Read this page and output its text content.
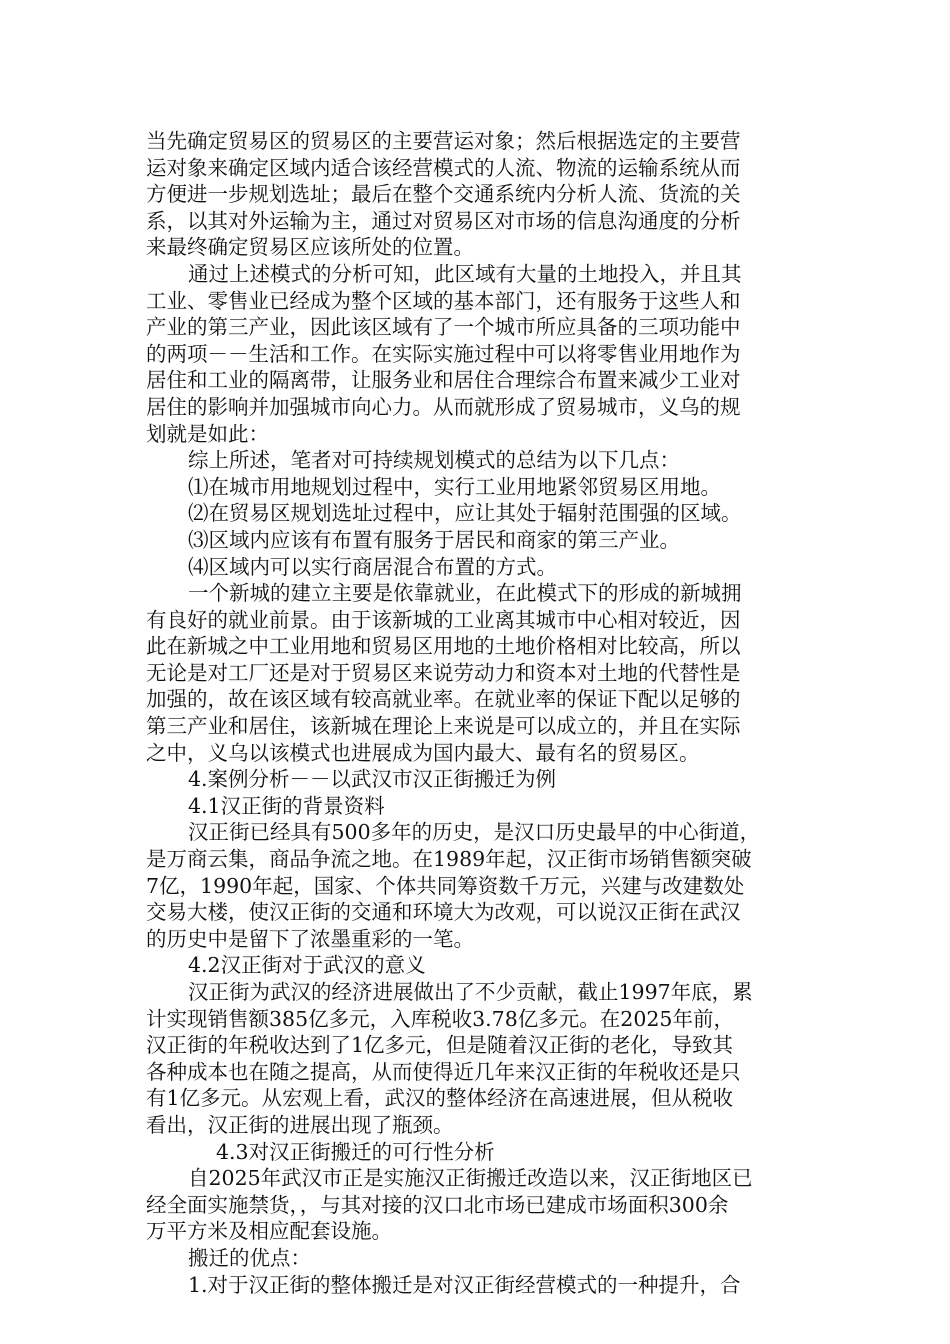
当先确定贸易区的贸易区的主要营运对象；然后根据选定的主要营
运对象来确定区域内适合该经营模式的人流、物流的运输系统从而
方便进一步规划选址；最后在整个交通系统内分析人流、货流的关
系，以其对外运输为主，通过对贸易区对市场的信息沟通度的分析
来最终确定贸易区应该所处的位置。
通过上述模式的分析可知，此区域有大量的土地投入，并且其
工业、零售业已经成为整个区域的基本部门，还有服务于这些人和
产业的第三产业，因此该区域有了一个城市所应具备的三项功能中
的两项－－生活和工作。在实际实施过程中可以将零售业用地作为
居住和工业的隔离带，让服务业和居住合理综合布置来减少工业对
居住的影响并加强城市向心力。从而就形成了贸易城市，义乌的规
划就是如此：
综上所述，笔者对可持续规划模式的总结为以下几点：
⑴在城市用地规划过程中，实行工业用地紧邻贸易区用地。
⑵在贸易区规划选址过程中，应让其处于辐射范围强的区域。
⑶区域内应该有布置有服务于居民和商家的第三产业。
⑷区域内可以实行商居混合布置的方式。
一个新城的建立主要是依靠就业，在此模式下的形成的新城拥
有良好的就业前景。由于该新城的工业离其城市中心相对较近，因
此在新城之中工业用地和贸易区用地的土地价格相对比较高，所以
无论是对工厂还是对于贸易区来说劳动力和资本对土地的代替性是
加强的，故在该区域有较高就业率。在就业率的保证下配以足够的
第三产业和居住，该新城在理论上来说是可以成立的，并且在实际
之中，义乌以该模式也进展成为国内最大、最有名的贸易区。
4.案例分析－－以武汉市汉正街搬迁为例
4.1汉正街的背景资料
汉正街已经具有500多年的历史，是汉口历史最早的中心街道，
是万商云集，商品争流之地。在1989年起，汉正街市场销售额突破
7亿，1990年起，国家、个体共同筹资数千万元，兴建与改建数处
交易大楼，使汉正街的交通和环境大为改观，可以说汉正街在武汉
的历史中是留下了浓墨重彩的一笔。
4.2汉正街对于武汉的意义
汉正街为武汉的经济进展做出了不少贡献，截止1997年底，累
计实现销售额385亿多元，入库税收3.78亿多元。在2025年前，
汉正街的年税收达到了1亿多元，但是随着汉正街的老化，导致其
各种成本也在随之提高，从而使得近几年来汉正街的年税收还是只
有1亿多元。从宏观上看，武汉的整体经济在高速进展，但从税收
看出，汉正街的进展出现了瓶颈。
4.3对汉正街搬迁的可行性分析
自2025年武汉市正是实施汉正街搬迁改造以来，汉正街地区已
经全面实施禁货，，与其对接的汉口北市场已建成市场面积300余
万平方米及相应配套设施。
搬迁的优点：
1.对于汉正街的整体搬迁是对汉正街经营模式的一种提升，合
